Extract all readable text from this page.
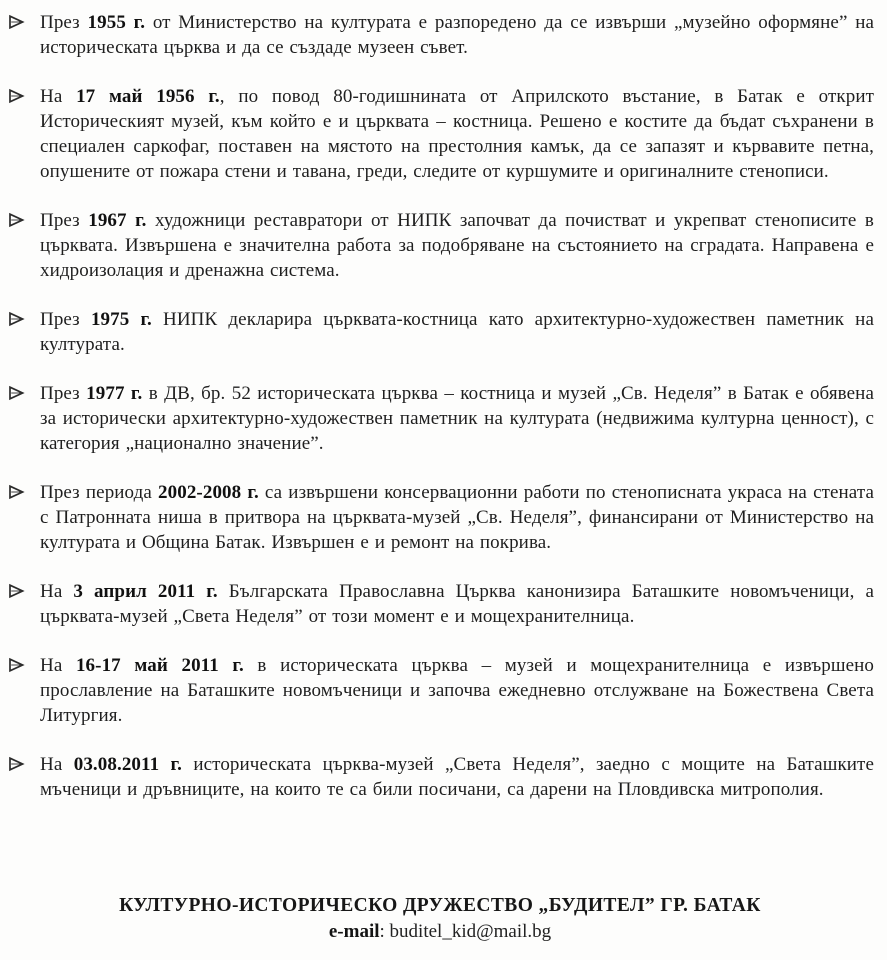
През 1955 г. от Министерство на културата е разпоредено да се извърши „музейно оформяне” на историческата църква и да се създаде музеен съвет.

На 17 май 1956 г., по повод 80-годишнината от Априлското въстание, в Батак е открит Историческият музей, към който е и църквата – костница. Решено е костите да бъдат съхранени в специален саркофаг, поставен на мястото на престолния камък, да се запазят и кървавите петна, опушените от пожара стени и тавана, греди, следите от куршумите и оригиналните стенописи.

През 1967 г. художници реставратори от НИПК започват да почистват и укрепват стенописите в църквата. Извършена е значителна работа за подобряване на състоянието на сградата. Направена е хидроизолация и дренажна система.

През 1975 г. НИПК декларира църквата-костница като архитектурно-художествен паметник на културата.

През 1977 г. в ДВ, бр. 52 историческата църква – костница и музей „Св. Неделя” в Батак е обявена за исторически архитектурно-художествен паметник на културата (недвижима културна ценност), с категория „национално значение”.

През периода 2002-2008 г. са извършени консервационни работи по стенописната украса на стената с Патронната ниша в притвора на църквата-музей „Св. Неделя”, финансирани от Министерство на културата и Община Батак. Извършен е и ремонт на покрива.

На 3 април 2011 г. Българската Православна Църква канонизира Баташките новомъченици, а църквата-музей „Света Неделя” от този момент е и мощехранителница.

На 16-17 май 2011 г. в историческата църква – музей и мощехранителница е извършено прославление на Баташките новомъченици и започва ежедневно отслужване на Божествена Света Литургия.

На 03.08.2011 г. историческата църква-музей „Света Неделя”, заедно с мощите на Баташките мъченици и дръвниците, на които те са били посичани, са дарени на Пловдивска митрополия.

КУЛТУРНО-ИСТОРИЧЕСКО ДРУЖЕСТВО „БУДИТЕЛ” ГР. БАТАК
e-mail: buditel_kid@mail.bg
